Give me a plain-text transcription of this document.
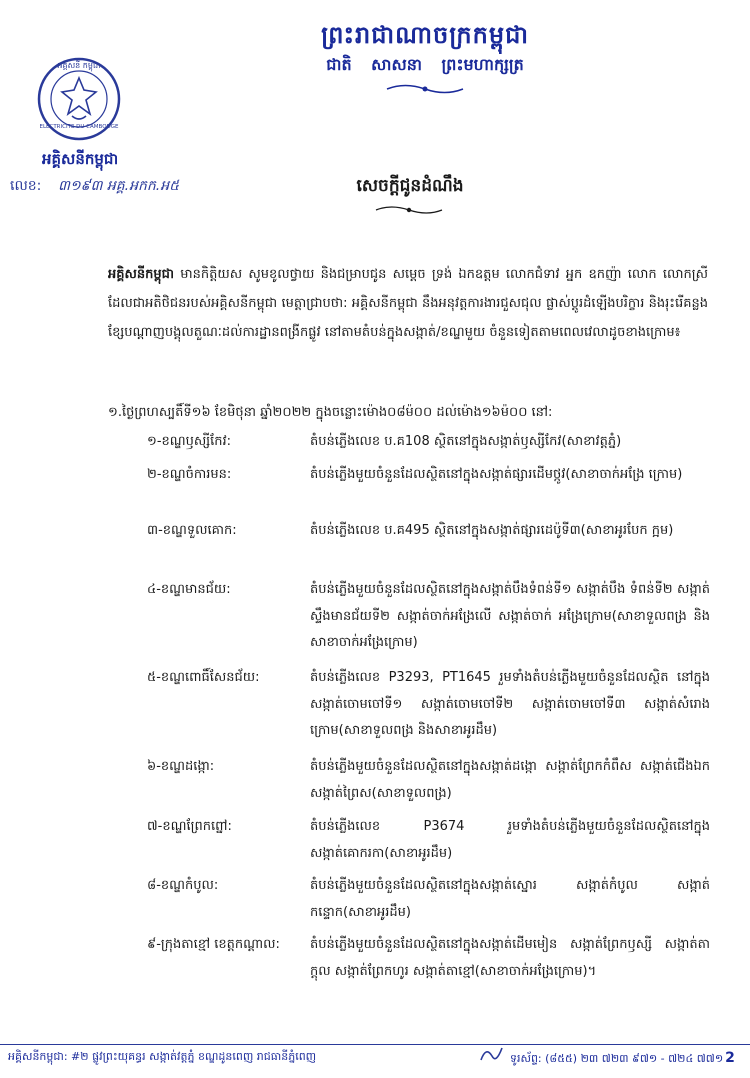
ព្រះរាជាណាចក្រកម្ពុជា
ជាតិ សាសនា ព្រះមហាក្សត្រ
អគ្គិសនី កម្ពុជា
ELECTRICITE DU CAMBODGE
អគ្គិសនីកម្ពុជា
លេខ: ៣១៩៣ អគ្គ.អកក.អ៥	សេចក្តីជូនដំណឹង
អគ្គិសនីកម្ពុជា មានកិត្តិយស សូមខូលថ្វាយ និងជម្រាបជូន សម្តេច ទ្រង់ ឯកឧត្តម លោកជំទាវ អ្នក ឧកញ៉ា លោក លោកស្រី ដែលជាអតិថិជនរបស់អគ្គិសនីកម្ពុជា មេត្តាជ្រាបថា: អគ្គិសនីកម្ពុជា នឹងអនុវត្តការងារជួសជុល ផ្លាស់ប្តូរដំឡើងបរិក្ខារ និងរុះរើគន្លងខ្សែបណ្តាញបង្គុលតួណៈដល់ការដ្ឋានពង្រីកផ្លូវ នៅតាមតំបន់ក្នុងសង្កាត់/ខណ្ឌមួយ ចំនួនទៀតតាមពេលវេលាដូចខាងក្រោម៖
១.ថ្ងៃព្រហស្បតិ៍ទី១៦ ខែមិថុនា ឆ្នាំ២០២២ ក្នុងចន្លោះម៉ោង០៨ម៉០០ ដល់ម៉ោង១៦ម៉០០ នៅ:
១-ខណ្ឌឫស្សីកែវ:	តំបន់ភ្លើងលេខ ប.គ108 ស្ថិតនៅក្នុងសង្កាត់ឫស្សីកែវ(សាខាវត្តភ្នំ)
២-ខណ្ឌចំការមន:	តំបន់ភ្លើងមួយចំនួនដែលស្ថិតនៅក្នុងសង្កាត់ផ្សារដើមថ្កូវ(សាខាចាក់អង្រែ ក្រោម)
៣-ខណ្ឌទួលគោក:	តំបន់ភ្លើងលេខ ប.គ495 ស្ថិតនៅក្នុងសង្កាត់ផ្សារដេប៉ូទី៣(សាខាអូរបែក ក្អម)
៤-ខណ្ឌមានជ័យ:	តំបន់ភ្លើងមួយចំនួនដែលស្ថិតនៅក្នុងសង្កាត់បឹងទំពន់ទី១ សង្កាត់បឹង ទំពន់ទី២ សង្កាត់ស្ទឹងមានជ័យទី២ សង្កាត់ចាក់អង្រែលើ សង្កាត់ចាក់ អង្រែក្រោម(សាខាទួលពង្រ និងសាខាចាក់អង្រែក្រោម)
៥-ខណ្ឌពោធិ៍សែនជ័យ:	តំបន់ភ្លើងលេខ P3293, PT1645 រួមទាំងតំបន់ភ្លើងមួយចំនួនដែលស្ថិត នៅក្នុងសង្កាត់ចោមចៅទី១ សង្កាត់ចោមចៅទី២ សង្កាត់ចោមចៅទី៣ សង្កាត់សំរោងក្រោម(សាខាទួលពង្រ និងសាខាអូរដឹម)
៦-ខណ្ឌដង្កោ:	តំបន់ភ្លើងមួយចំនួនដែលស្ថិតនៅក្នុងសង្កាត់ដង្កោ សង្កាត់ព្រែកកំពឹស សង្កាត់ជើងឯក សង្កាត់ព្រៃស(សាខាទួលពង្រ)
៧-ខណ្ឌព្រែកព្នៅ:	តំបន់ភ្លើងលេខ P3674 រួមទាំងតំបន់ភ្លើងមួយចំនួនដែលស្ថិតនៅក្នុង សង្កាត់គោករកា(សាខាអូរដឹម)
៨-ខណ្ឌកំបូល:	តំបន់ភ្លើងមួយចំនួនដែលស្ថិតនៅក្នុងសង្កាត់ស្នោរ សង្កាត់កំបូល សង្កាត់ កន្ទោក(សាខាអូរដឹម)
៩-ក្រុងតាខ្មៅ ខេត្តកណ្តាល: តំបន់ភ្លើងមួយចំនួនដែលស្ថិតនៅក្នុងសង្កាត់ដើមមៀន សង្កាត់ព្រែកឫស្សី សង្កាត់តាក្ដុល សង្កាត់ព្រែកហូរ សង្កាត់តាខ្មៅ(សាខាចាក់អង្រែក្រោម)។
អគ្គិសនីកម្ពុជា: #២ ផ្លូវព្រះយុគន្ធរ សង្កាត់វត្តភ្នំ ខណ្ឌដូនពេញ រាជធានីភ្នំពេញ	ទូរស័ព្ទ: (៨៥៥) ២៣ ៧២៣ ៩៧១ - ៧២៤ ៧៧១ 2
